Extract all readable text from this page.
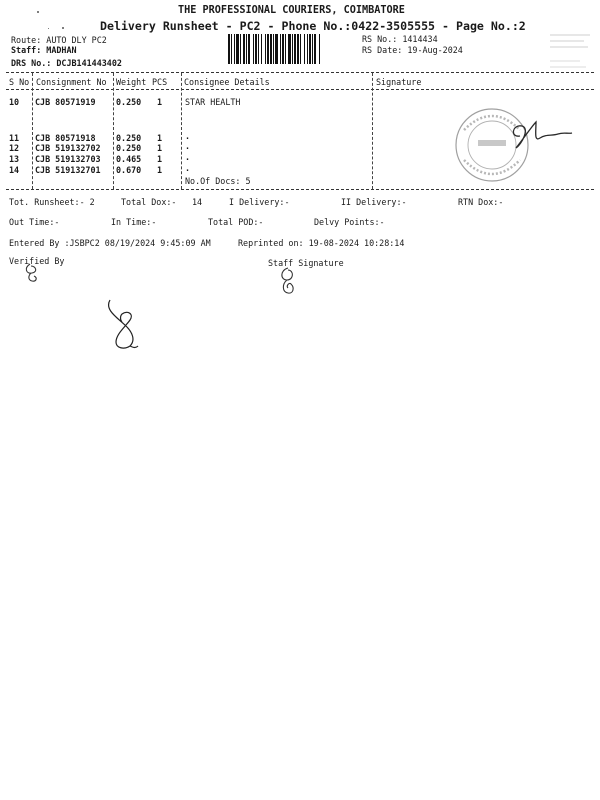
THE PROFESSIONAL COURIERS, COIMBATORE
Delivery Runsheet - PC2 - Phone No.:0422-3505555 - Page No.:2
Route: AUTO DLY PC2
Staff: MADHAN
DRS No.: DCJB141443402
RS No.: 1414434
RS Date: 19-Aug-2024
S No Consignment No Weight PCS Consignee Details	Signature
10 CJB 80571919 0.250 1	STAR HEALTH
11 CJB 80571918 0.250 1	.
12 CJB 519132702 0.250 1	.
13 CJB 519132703 0.465 1	.
14 CJB 519132701 0.670 1	.
No.Of Docs: 5
Tot. Runsheet:- 2	Total Dox:- 14	I Delivery:-	II Delivery:-	RTN Dox:-
Out Time:-	In Time:-	Total POD:-	Delvy Points:-
Entered By :JSBPC2 08/19/2024 9:45:09 AM	Reprinted on: 19-08-2024 10:28:14
Verified By	Staff Signature
